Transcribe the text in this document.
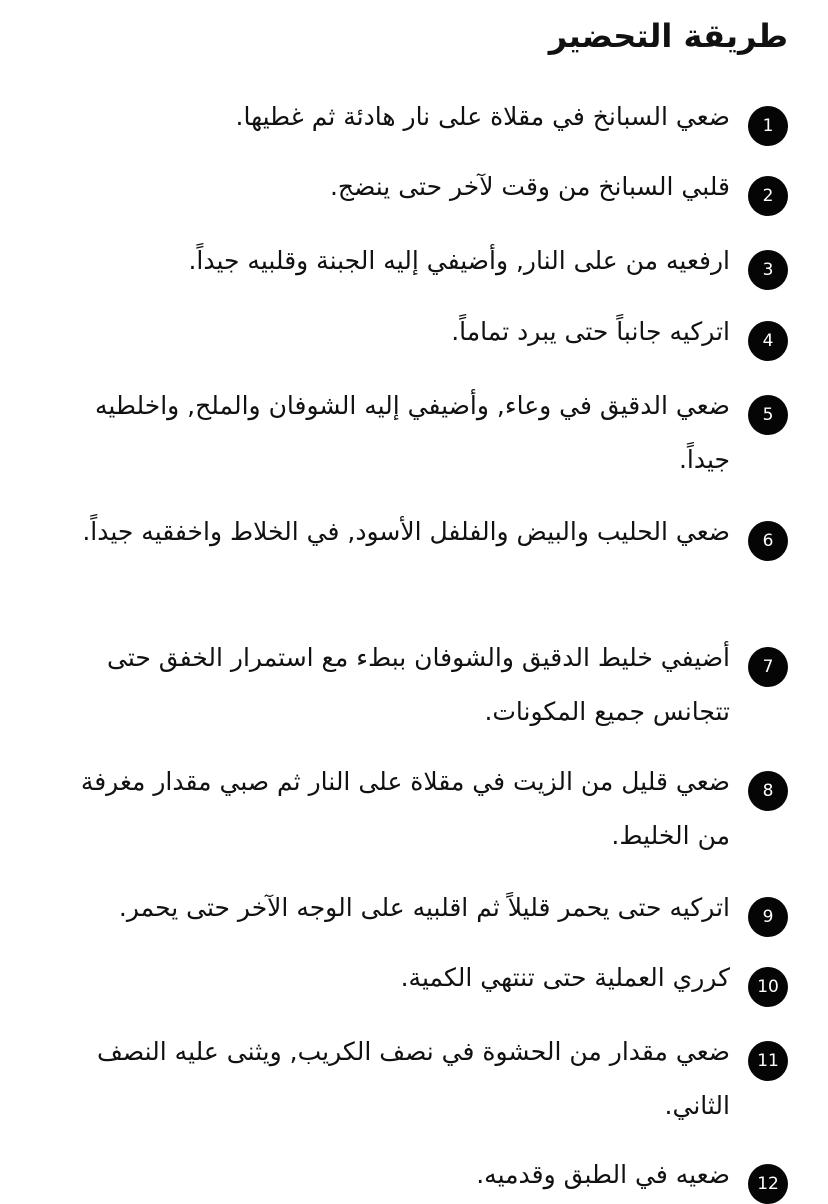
طريقة التحضير
1
ضعي السبانخ في مقلاة على نار هادئة ثم غطيها.
2
قلبي السبانخ من وقت لآخر حتى ينضج.
3
ارفعيه من على النار, وأضيفي إليه الجبنة وقلبيه جيداً.
4
اتركيه جانباً حتى يبرد تماماً.
5
ضعي الدقيق في وعاء, وأضيفي إليه الشوفان والملح, واخلطيه جيداً.
6
ضعي الحليب والبيض والفلفل الأسود, في الخلاط واخفقيه جيداً.
7
أضيفي خليط الدقيق والشوفان ببطء مع استمرار الخفق حتى تتجانس جميع المكونات.
8
ضعي قليل من الزيت في مقلاة على النار ثم صبي مقدار مغرفة من الخليط.
9
اتركيه حتى يحمر قليلاً ثم اقلبيه على الوجه الآخر حتى يحمر.
10
كرري العملية حتى تنتهي الكمية.
11
ضعي مقدار من الحشوة في نصف الكريب, ويثنى عليه النصف الثاني.
12
ضعيه في الطبق وقدميه.
